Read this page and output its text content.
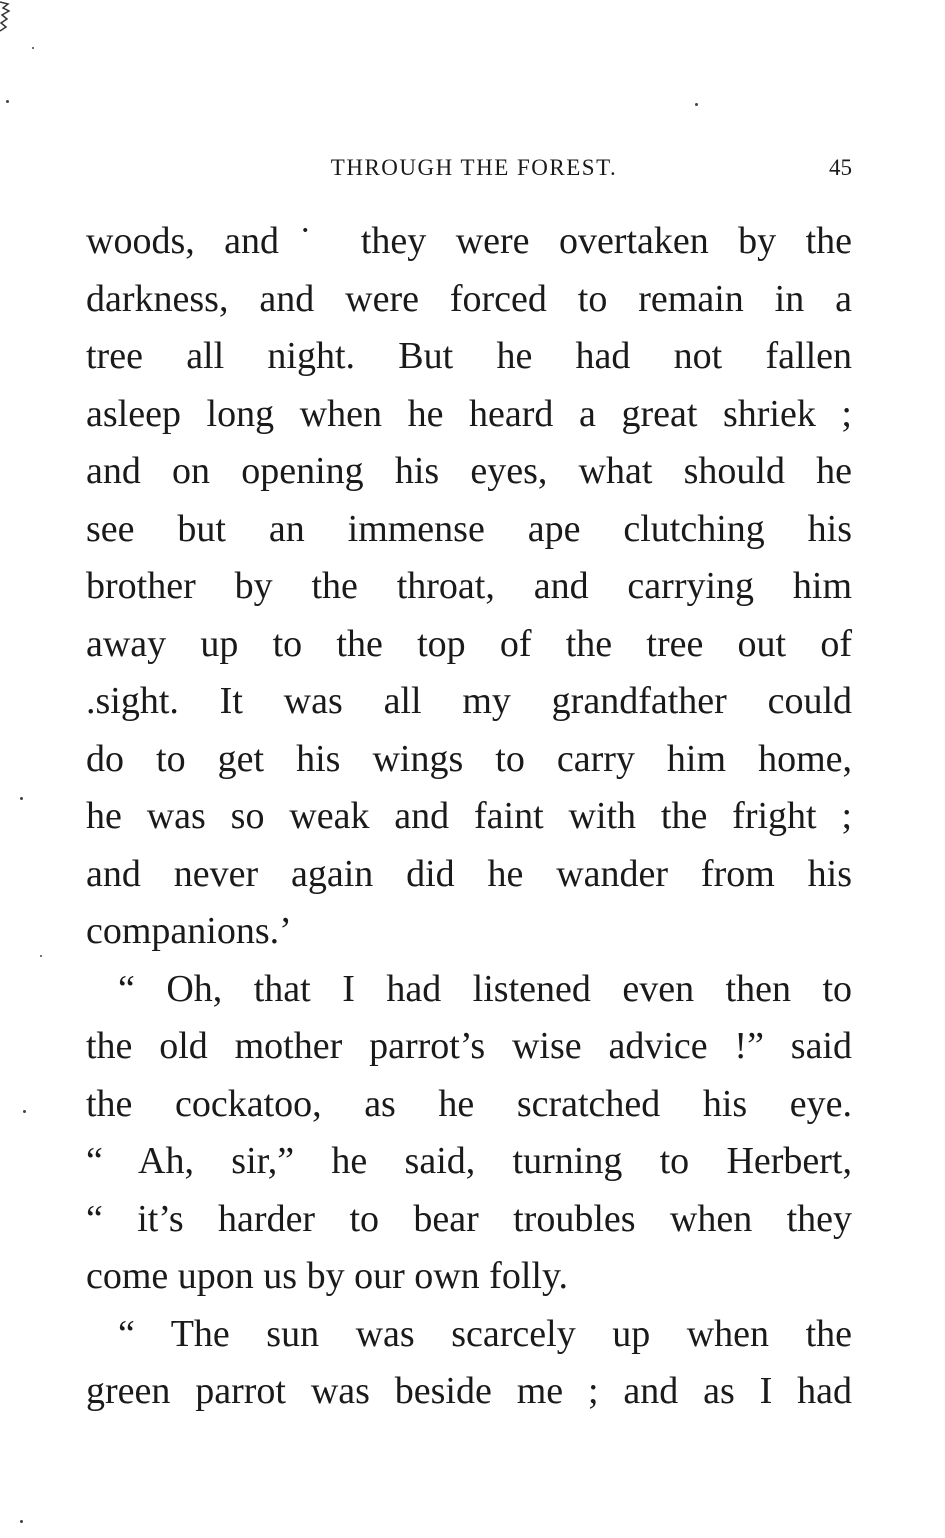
THROUGH THE FOREST.	45
woods, and˙ they were overtaken by the
darkness, and were forced to remain in a
tree all night. But he had not fallen
asleep long when he heard a great shriek ;
and on opening his eyes, what should he
see but an immense ape clutching his
brother by the throat, and carrying him
away up to the top of the tree out of
.sight. It was all my grandfather could
do to get his wings to carry him home,
he was so weak and faint with the fright ;
and never again did he wander from his
companions.’
“ Oh, that I had listened even then to
the old mother parrot’s wise advice !” said
the cockatoo, as he scratched his eye.
“ Ah, sir,” he said, turning to Herbert,
“ it’s harder to bear troubles when they
come upon us by our own folly.
“ The sun was scarcely up when the
green parrot was beside me ; and as I had
